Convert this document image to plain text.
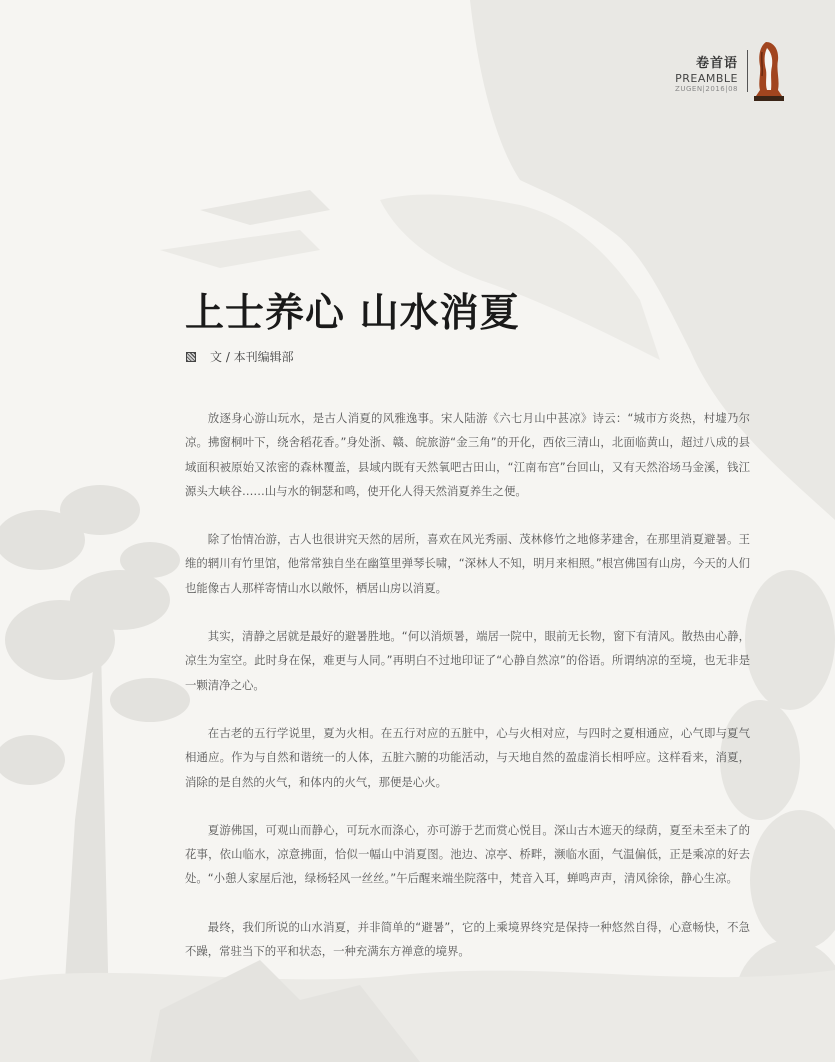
卷首语
PREAMBLE
ZUGEN|2016|08
上士养心 山水消夏
文 / 本刊编辑部

放逐身心游山玩水，是古人消夏的风雅逸事。宋人陆游《六七月山中甚凉》诗云：“城市方炎热，村墟乃尔凉。拂窗桐叶下，绕舍稻花香。”身处浙、赣、皖旅游“金三角”的开化，西依三清山，北面临黄山，超过八成的县域面积被原始又浓密的森林覆盖，县域内既有天然氧吧古田山，“江南布宫”台回山，又有天然浴场马金溪，钱江源头大峡谷……山与水的铜瑟和鸣，使开化人得天然消夏养生之便。

除了怡情冶游，古人也很讲究天然的居所，喜欢在风光秀丽、茂林修竹之地修茅建舍，在那里消夏避暑。王维的辋川有竹里馆，他常常独自坐在幽篁里弹琴长啸，“深林人不知，明月来相照。”根宫佛国有山房，今天的人们也能像古人那样寄情山水以敞怀，栖居山房以消夏。

其实，清静之居就是最好的避暑胜地。“何以消烦暑，端居一院中，眼前无长物，窗下有清风。散热由心静，凉生为室空。此时身在保，难更与人同。”再明白不过地印证了“心静自然凉”的俗语。所谓纳凉的至境，也无非是一颗清净之心。

在古老的五行学说里，夏为火相。在五行对应的五脏中，心与火相对应，与四时之夏相通应，心气即与夏气相通应。作为与自然和谐统一的人体，五脏六腑的功能活动，与天地自然的盈虚消长相呼应。这样看来，消夏，消除的是自然的火气，和体内的火气，那便是心火。

夏游佛国，可观山而静心，可玩水而涤心，亦可游于艺而赏心悦目。深山古木遮天的绿荫，夏至未至未了的花事，依山临水，凉意拂面，恰似一幅山中消夏图。池边、凉亭、桥畔，濒临水面，气温偏低，正是乘凉的好去处。“小憩人家屋后池，绿杨轻风一丝丝。”午后醒来端坐院落中，梵音入耳，蝉鸣声声，清风徐徐，静心生凉。

最终，我们所说的山水消夏，并非简单的“避暑”，它的上乘境界终究是保持一种悠然自得，心意畅快，不急不躁，常驻当下的平和状态，一种充满东方禅意的境界。
